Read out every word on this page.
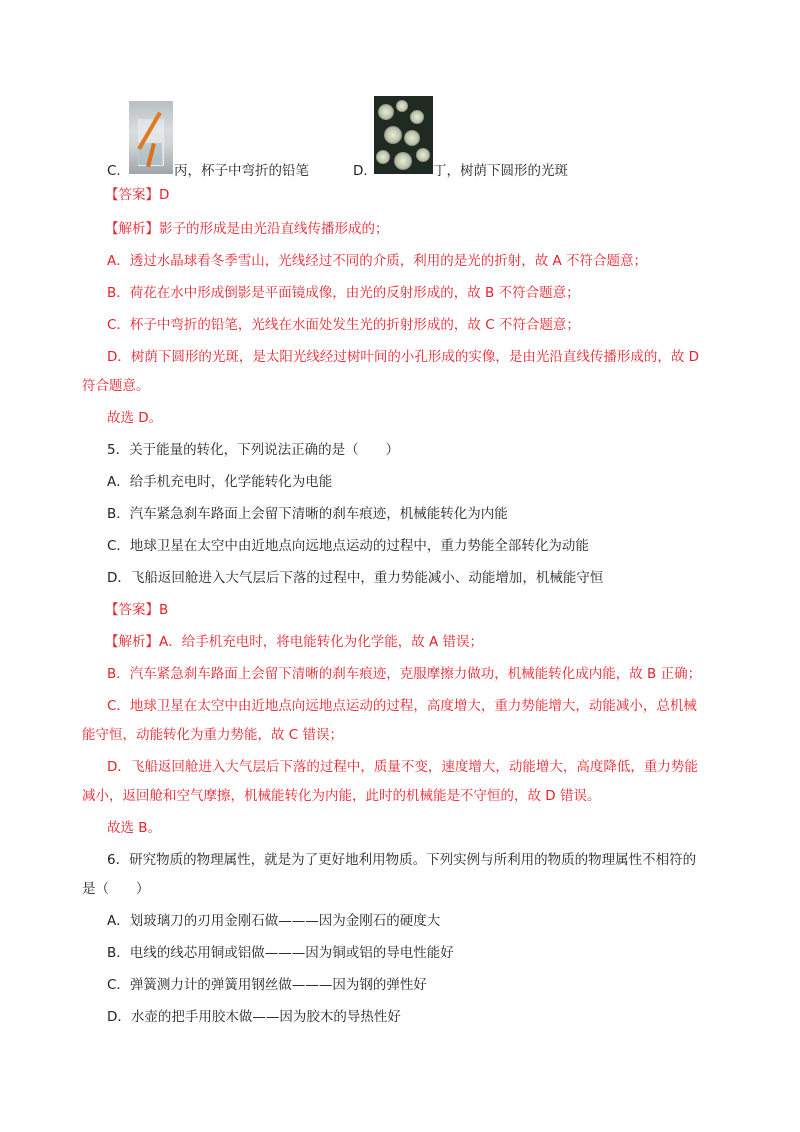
C.	丙，杯子中弯折的铅笔	D.	丁，树荫下圆形的光斑
【答案】D
【解析】影子的形成是由光沿直线传播形成的；
A．透过水晶球看冬季雪山，光线经过不同的介质，利用的是光的折射，故 A 不符合题意；
B．荷花在水中形成倒影是平面镜成像，由光的反射形成的，故 B 不符合题意；
C．杯子中弯折的铅笔，光线在水面处发生光的折射形成的，故 C 不符合题意；
D．树荫下圆形的光斑，是太阳光线经过树叶间的小孔形成的实像，是由光沿直线传播形成的，故 D
符合题意。
故选 D。
5．关于能量的转化，下列说法正确的是（　　）
A．给手机充电时，化学能转化为电能
B．汽车紧急刹车路面上会留下清晰的刹车痕迹，机械能转化为内能
C．地球卫星在太空中由近地点向远地点运动的过程中，重力势能全部转化为动能
D．飞船返回舱进入大气层后下落的过程中，重力势能减小、动能增加，机械能守恒
【答案】B
【解析】A．给手机充电时，将电能转化为化学能，故 A 错误；
B．汽车紧急刹车路面上会留下清晰的刹车痕迹，克服摩擦力做功，机械能转化成内能，故 B 正确；
C．地球卫星在太空中由近地点向远地点运动的过程，高度增大，重力势能增大，动能减小，总机械
能守恒，动能转化为重力势能，故 C 错误；
D．飞船返回舱进入大气层后下落的过程中，质量不变，速度增大，动能增大，高度降低，重力势能
减小，返回舱和空气摩擦，机械能转化为内能，此时的机械能是不守恒的，故 D 错误。
故选 B。
6．研究物质的物理属性，就是为了更好地利用物质。下列实例与所利用的物质的物理属性不相符的
是（　　）
A．划玻璃刀的刃用金刚石做———因为金刚石的硬度大
B．电线的线芯用铜或铝做———因为铜或铝的导电性能好
C．弹簧测力计的弹簧用钢丝做———因为钢的弹性好
D．水壶的把手用胶木做——因为胶木的导热性好
